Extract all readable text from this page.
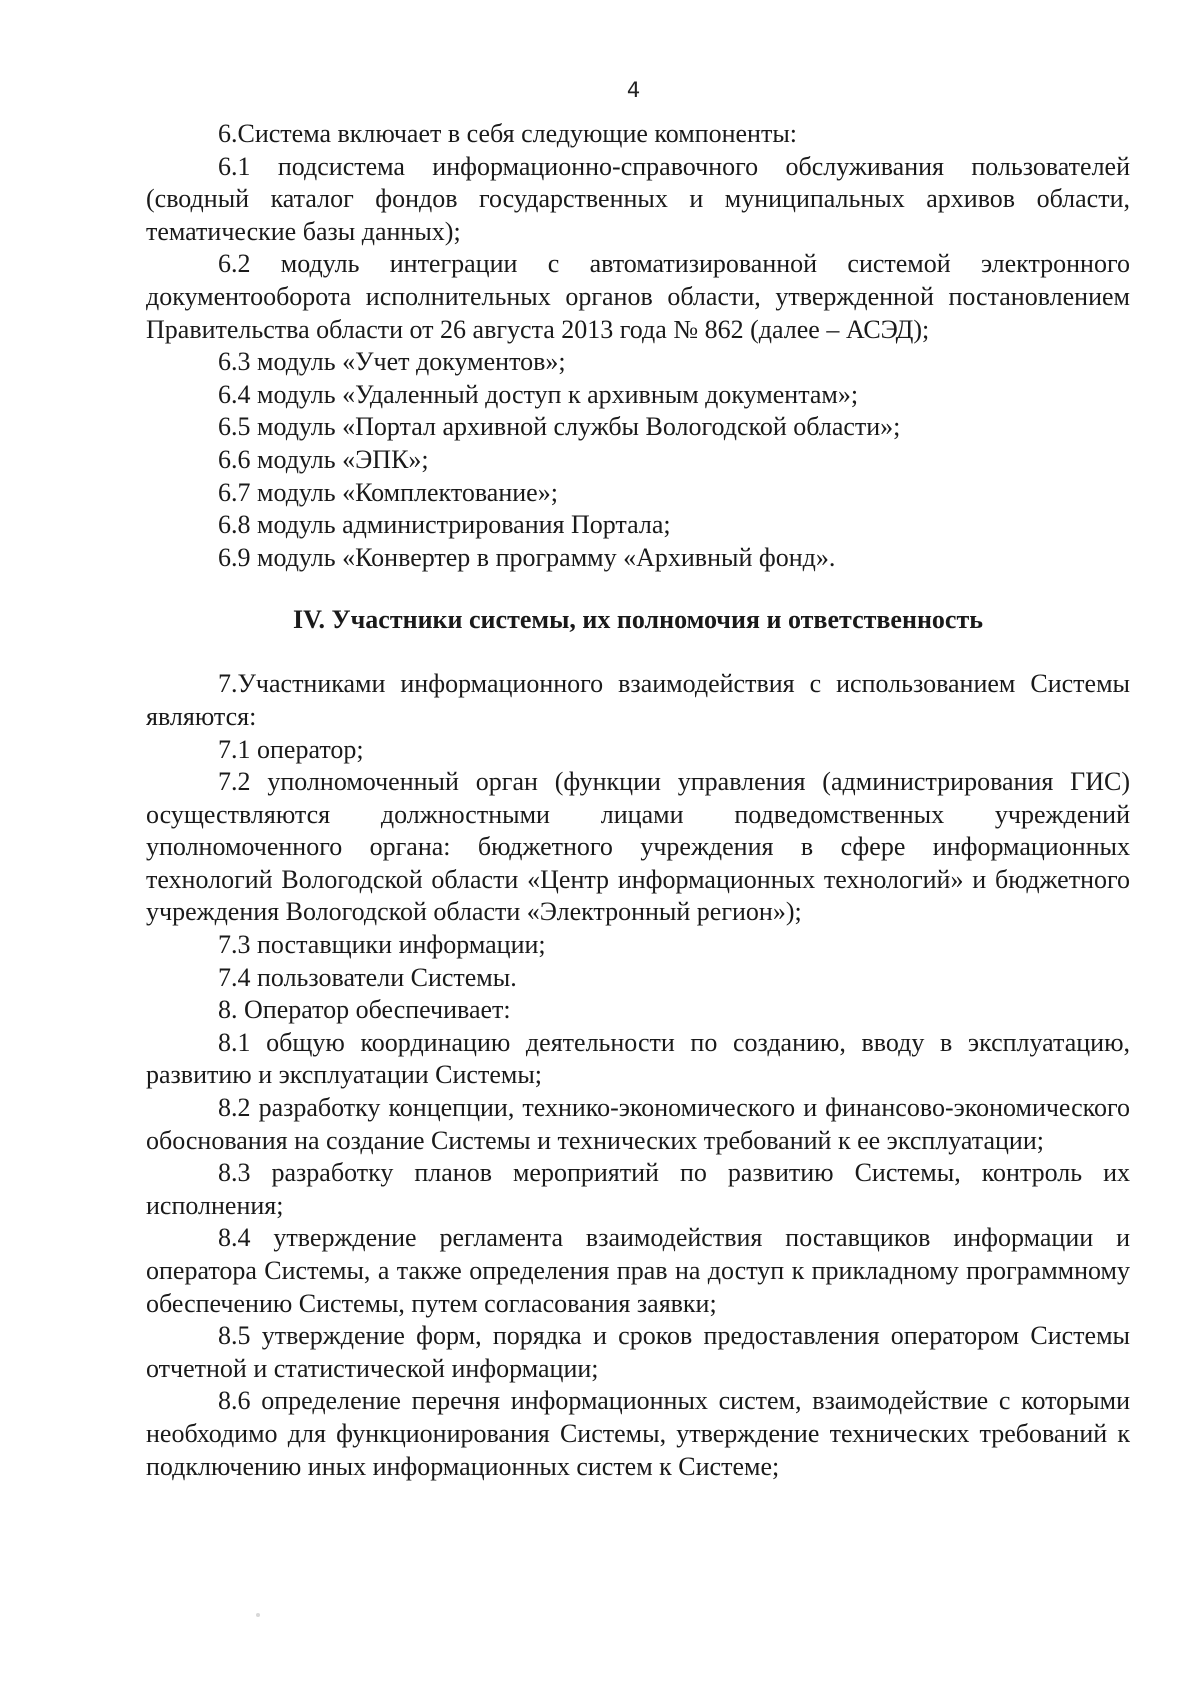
4

6.Система включает в себя следующие компоненты:

6.1 подсистема информационно-справочного обслуживания пользователей (сводный каталог фондов государственных и муниципальных архивов области, тематические базы данных);

6.2 модуль интеграции с автоматизированной системой электронного документооборота исполнительных органов области, утвержденной постановлением Правительства области от 26 августа 2013 года № 862 (далее – АСЭД);

6.3 модуль «Учет документов»;

6.4 модуль «Удаленный доступ к архивным документам»;

6.5 модуль «Портал архивной службы Вологодской области»;

6.6 модуль «ЭПК»;

6.7 модуль «Комплектование»;

6.8 модуль администрирования Портала;

6.9 модуль «Конвертер в программу «Архивный фонд».

IV. Участники системы, их полномочия и ответственность

7.Участниками информационного взаимодействия с использованием Системы являются:

7.1 оператор;

7.2 уполномоченный орган (функции управления (администрирования ГИС) осуществляются должностными лицами подведомственных учреждений уполномоченного органа: бюджетного учреждения в сфере информационных технологий Вологодской области «Центр информационных технологий» и бюджетного учреждения Вологодской области «Электронный регион»);

7.3 поставщики информации;

7.4 пользователи Системы.

8. Оператор обеспечивает:

8.1 общую координацию деятельности по созданию, вводу в эксплуатацию, развитию и эксплуатации Системы;

8.2 разработку концепции, технико-экономического и финансово-экономического обоснования на создание Системы и технических требований к ее эксплуатации;

8.3 разработку планов мероприятий по развитию Системы, контроль их исполнения;

8.4 утверждение регламента взаимодействия поставщиков информации и оператора Системы, а также определения прав на доступ к прикладному программному обеспечению Системы, путем согласования заявки;

8.5 утверждение форм, порядка и сроков предоставления оператором Системы отчетной и статистической информации;

8.6 определение перечня информационных систем, взаимодействие с которыми необходимо для функционирования Системы, утверждение технических требований к подключению иных информационных систем к Системе;
